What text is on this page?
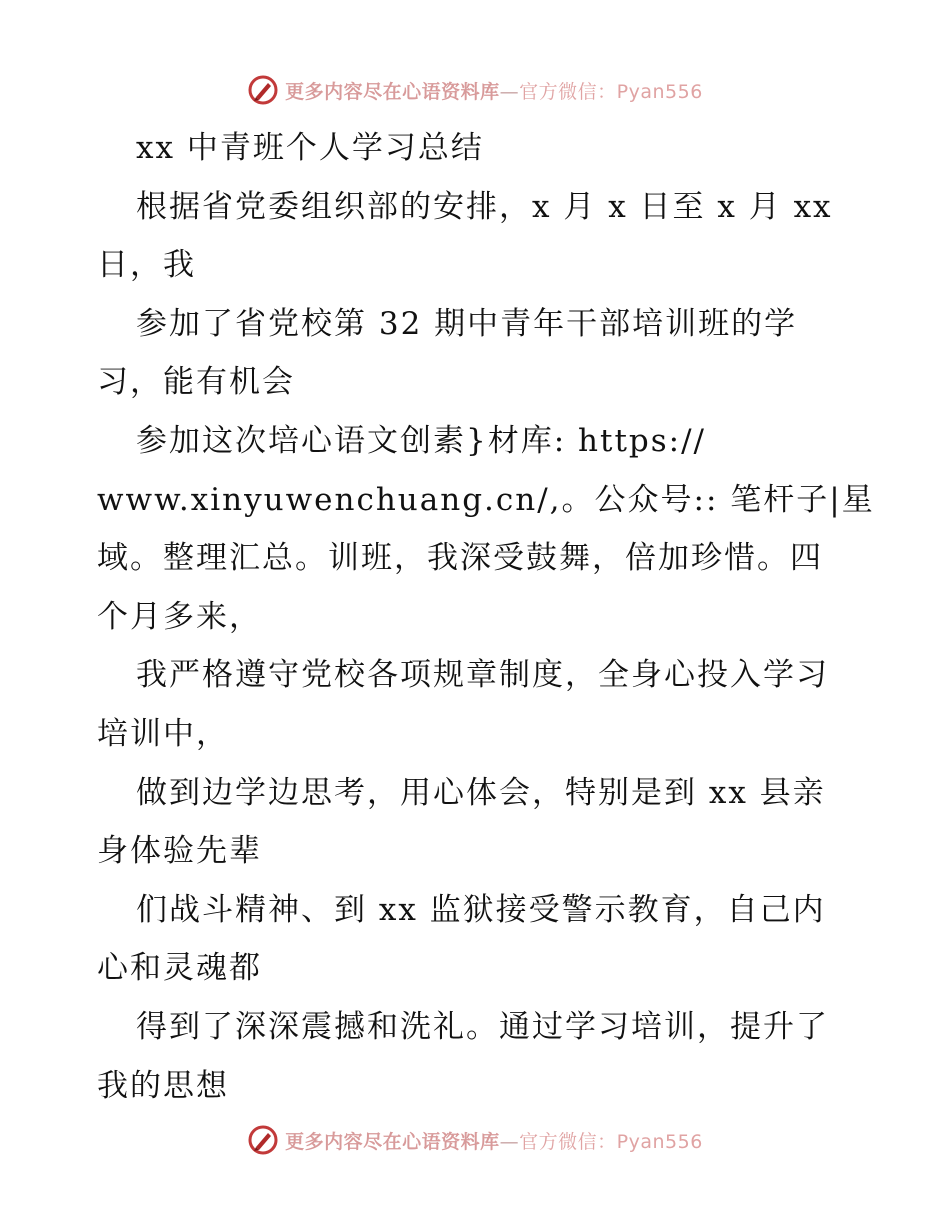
更多内容尽在心语资料库—官方微信：Pyan556
xx 中青班个人学习总结
根据省党委组织部的安排，x 月 x 日至 x 月 xx
日，我
参加了省党校第 32 期中青年干部培训班的学
习，能有机会
参加这次培心语文创素}材库: https://
www.xinyuwenchuang.cn/,。公众号:: 笔杆子|星
域。整理汇总。训班，我深受鼓舞，倍加珍惜。四
个月多来，
我严格遵守党校各项规章制度，全身心投入学习
培训中，
做到边学边思考，用心体会，特别是到 xx 县亲
身体验先辈
们战斗精神、到 xx 监狱接受警示教育，自己内
心和灵魂都
得到了深深震撼和洗礼。通过学习培训，提升了
我的思想
更多内容尽在心语资料库—官方微信：Pyan556
